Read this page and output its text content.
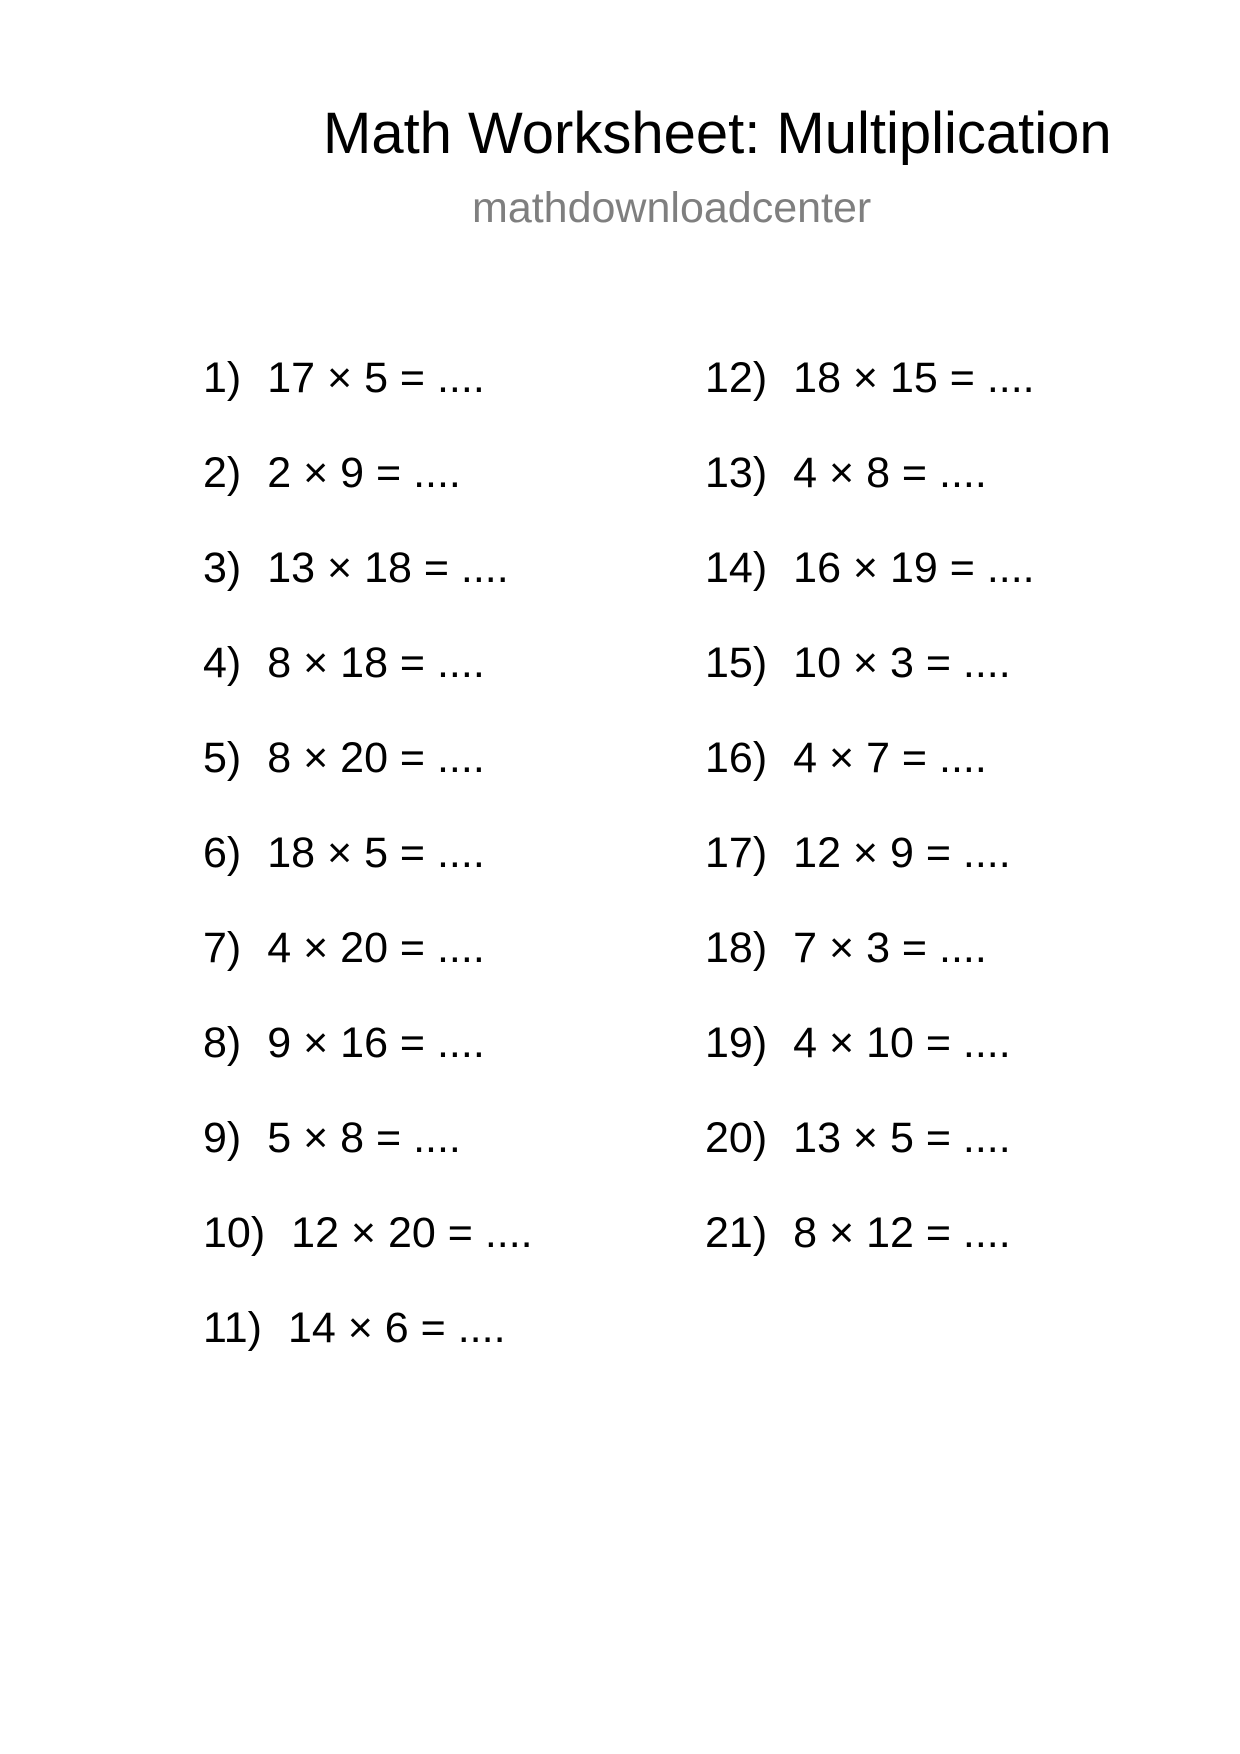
Math Worksheet: Multiplication
mathdownloadcenter
1) 17 × 5 = ....
2) 2 × 9 = ....
3) 13 × 18 = ....
4) 8 × 18 = ....
5) 8 × 20 = ....
6) 18 × 5 = ....
7) 4 × 20 = ....
8) 9 × 16 = ....
9) 5 × 8 = ....
10) 12 × 20 = ....
11) 14 × 6 = ....
12) 18 × 15 = ....
13) 4 × 8 = ....
14) 16 × 19 = ....
15) 10 × 3 = ....
16) 4 × 7 = ....
17) 12 × 9 = ....
18) 7 × 3 = ....
19) 4 × 10 = ....
20) 13 × 5 = ....
21) 8 × 12 = ....
